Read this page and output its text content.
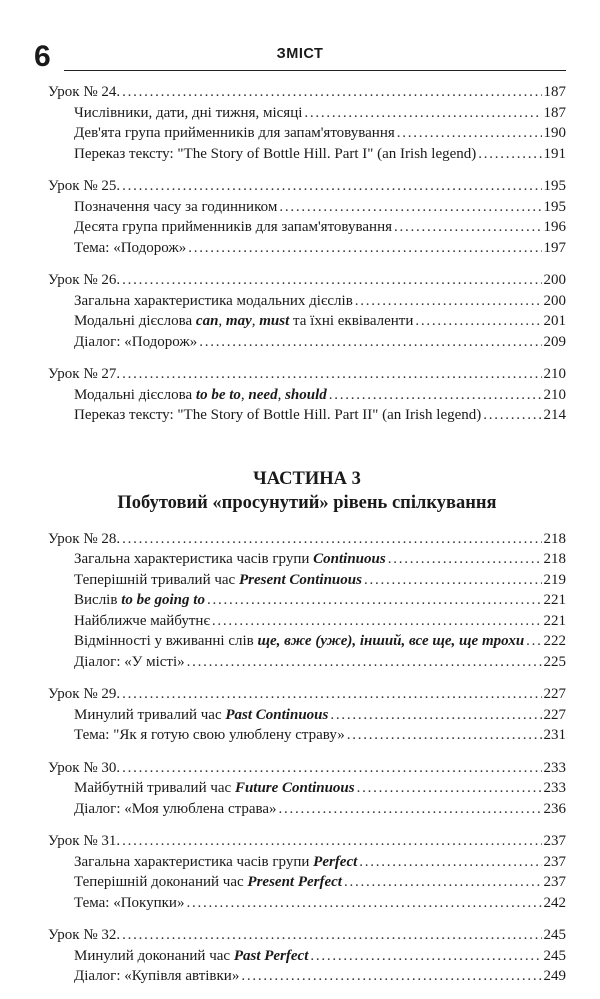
6	ЗМІСТ
Урок № 24. . . .	187
Числівники, дати, дні тижня, місяці . . .	187
Дев'ята група прийменників для запам'ятовування . . .	190
Переказ тексту: "The Story of Bottle Hill. Part I" (an Irish legend) . . .	191
Урок № 25. . . .	195
Позначення часу за годинником . . .	195
Десята група прийменників для запам'ятовування . . .	196
Тема: «Подорож» . . .	197
Урок № 26. . . .	200
Загальна характеристика модальних дієслів . . .	200
Модальні дієслова can, may, must та їхні еквіваленти . . .	201
Діалог: «Подорож» . . .	209
Урок № 27. . . .	210
Модальні дієслова to be to, need, should . . .	210
Переказ тексту: "The Story of Bottle Hill. Part II" (an Irish legend) . . .	214
ЧАСТИНА 3
Побутовий «просунутий» рівень спілкування
Урок № 28. . . .	218
Загальна характеристика часів групи Continuous . . .	218
Теперішній тривалий час Present Continuous . . .	219
Вислів to be going to . . .	221
Найближче майбутнє . . .	221
Відмінності у вживанні слів ще, вже (уже), інший, все ще, ще трохи . . . 222
Діалог: «У місті» . . .	225
Урок № 29. . . .	227
Минулий тривалий час Past Continuous . . .	227
Тема: "Як я готую свою улюблену страву» . . .	231
Урок № 30. . . .	233
Майбутній тривалий час Future Continuous . . .	233
Діалог: «Моя улюблена страва» . . .	236
Урок № 31. . . .	237
Загальна характеристика часів групи Perfect . . .	237
Теперішній доконаний час Present Perfect . . .	237
Тема: «Покупки» . . .	242
Урок № 32. . . .	245
Минулий доконаний час Past Perfect . . .	245
Діалог: «Купівля автівки» . . .	249
